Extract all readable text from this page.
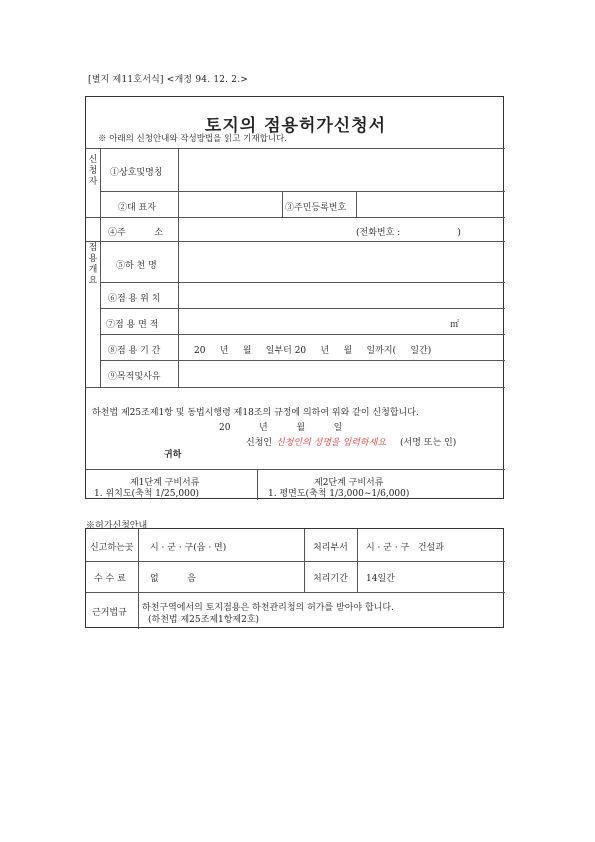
[별지 제11호서식] <개정 94. 12. 2.>
토지의 점용허가신청서
※ 아래의 신청안내와 작성방법을 읽고 기재합니다.
신청자
점용개요
①상호및명칭
②대 표자	③주민등록번호
④주          소	(전화번호 :                    )
⑤하 천 명
⑥점 용 위 치
⑦점 용 면 적	㎡
⑧점 용 기 간	20     년     월     일부터 20     년     월     일까지(     일간)
⑨목적및사유
하천법 제25조제1항 및 동법시행령 제18조의 규정에 의하여 위와 같이 신청합니다.
20          년          월          일
신청인 신청인의 성명을 입력하세요 (서명 또는 인)
귀하
제1단계 구비서류
1. 위치도(축척 1/25,000)
제2단계 구비서류
1. 평면도(축척 1/3,000∼1/6,000)
※허가신청안내
신고하는곳 시 · 군 · 구(읍 · 면)	처리부서 시 · 군 · 구   건설과
수 수 료	없          음	처리기간 14일간
근거법규 하천구역에서의 토지점용은 하천관리청의 허가를 받아야 합니다.
(하천법 제25조제1항제2호)
